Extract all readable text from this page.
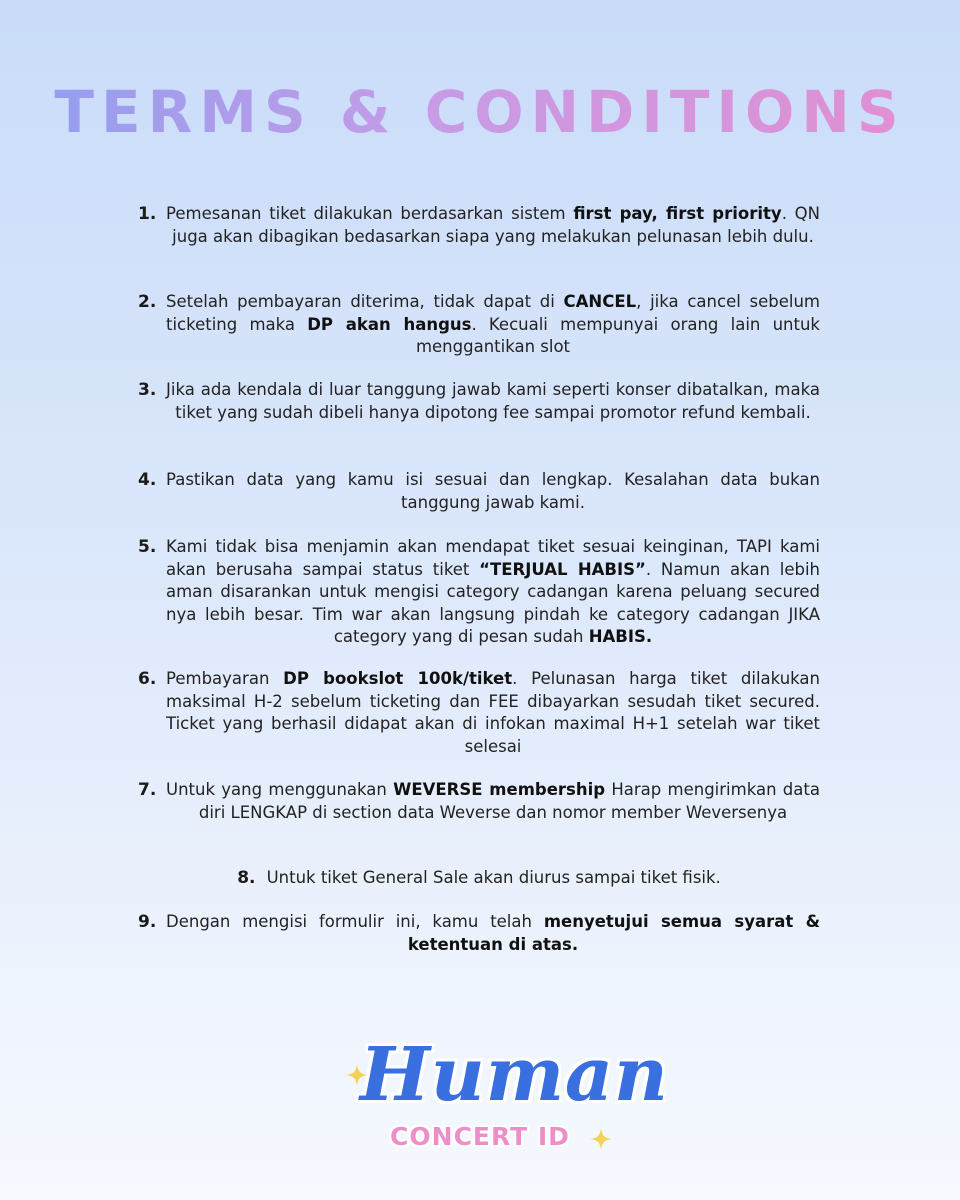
TERMS & CONDITIONS
1. Pemesanan tiket dilakukan berdasarkan sistem first pay, first priority. QN juga akan dibagikan bedasarkan siapa yang melakukan pelunasan lebih dulu.
2. Setelah pembayaran diterima, tidak dapat di CANCEL, jika cancel sebelum ticketing maka DP akan hangus. Kecuali mempunyai orang lain untuk menggantikan slot
3. Jika ada kendala di luar tanggung jawab kami seperti konser dibatalkan, maka tiket yang sudah dibeli hanya dipotong fee sampai promotor refund kembali.
4. Pastikan data yang kamu isi sesuai dan lengkap. Kesalahan data bukan tanggung jawab kami.
5. Kami tidak bisa menjamin akan mendapat tiket sesuai keinginan, TAPI kami akan berusaha sampai status tiket “TERJUAL HABIS”. Namun akan lebih aman disarankan untuk mengisi category cadangan karena peluang secured nya lebih besar. Tim war akan langsung pindah ke category cadangan JIKA category yang di pesan sudah HABIS.
6. Pembayaran DP bookslot 100k/tiket. Pelunasan harga tiket dilakukan maksimal H-2 sebelum ticketing dan FEE dibayarkan sesudah tiket secured. Ticket yang berhasil didapat akan di infokan maximal H+1 setelah war tiket selesai
7. Untuk yang menggunakan WEVERSE membership Harap mengirimkan data diri LENGKAP di section data Weverse dan nomor member Weversenya
8. Untuk tiket General Sale akan diurus sampai tiket fisik.
9. Dengan mengisi formulir ini, kamu telah menyetujui semua syarat & ketentuan di atas.
Human
CONCERT ID
